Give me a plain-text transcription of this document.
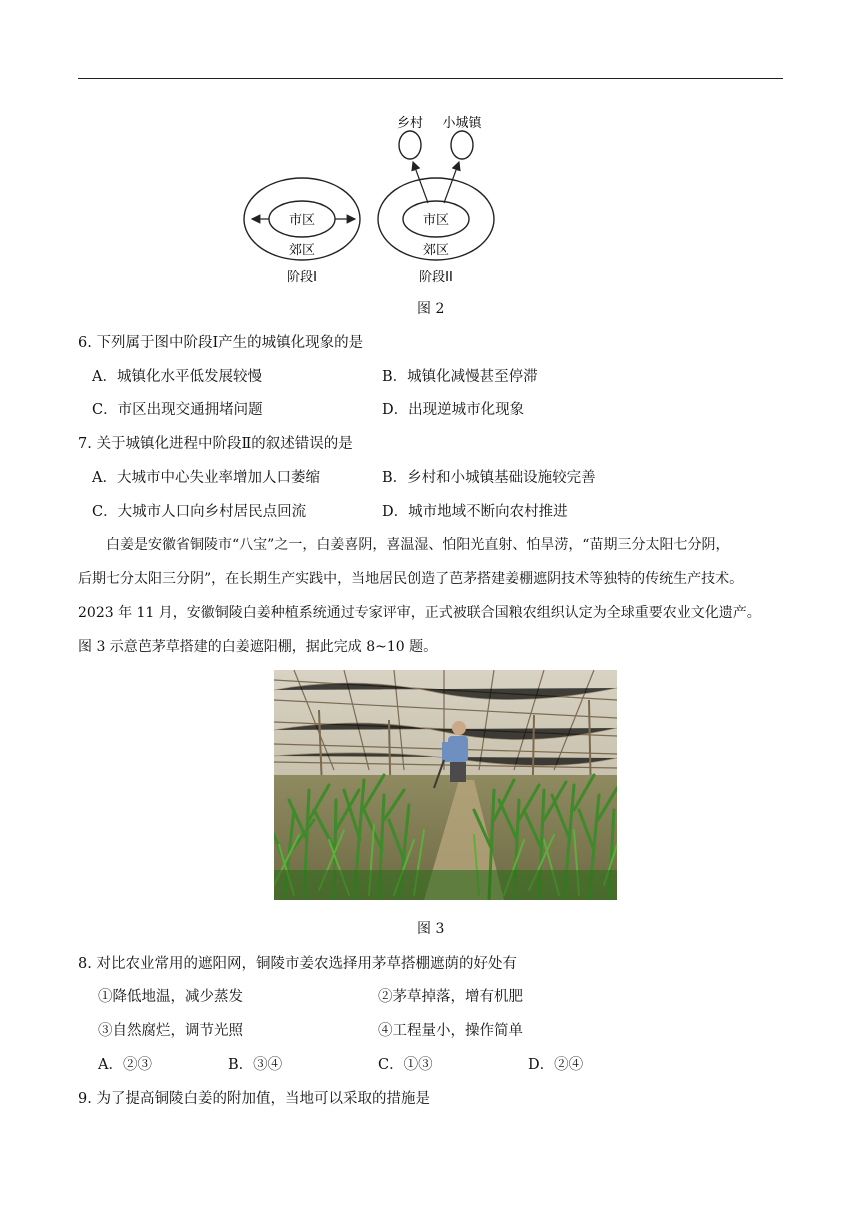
市区
郊区
阶段I
乡村 小城镇
市区
郊区
阶段II
图 2
6. 下列属于图中阶段Ⅰ产生的城镇化现象的是
A．城镇化水平低发展较慢	B．城镇化减慢甚至停滞
C．市区出现交通拥堵问题	D．出现逆城市化现象
7. 关于城镇化进程中阶段Ⅱ的叙述错误的是
A．大城市中心失业率增加人口萎缩	B．乡村和小城镇基础设施较完善
C．大城市人口向乡村居民点回流	D．城市地域不断向农村推进

白姜是安徽省铜陵市“八宝”之一，白姜喜阴，喜温湿、怕阳光直射、怕旱涝，“苗期三分太阳七分阴，

后期七分太阳三分阴”，在长期生产实践中，当地居民创造了芭茅搭建姜棚遮阴技术等独特的传统生产技术。

2023 年 11 月，安徽铜陵白姜种植系统通过专家评审，正式被联合国粮农组织认定为全球重要农业文化遗产。

图 3 示意芭茅草搭建的白姜遮阳棚，据此完成 8~10 题。

图 3
8. 对比农业常用的遮阳网，铜陵市姜农选择用茅草搭棚遮荫的好处有
①降低地温，减少蒸发	②茅草掉落，增有机肥
③自然腐烂，调节光照	④工程量小，操作简单
A．②③	B．③④	C．①③	D．②④
9. 为了提高铜陵白姜的附加值，当地可以采取的措施是
